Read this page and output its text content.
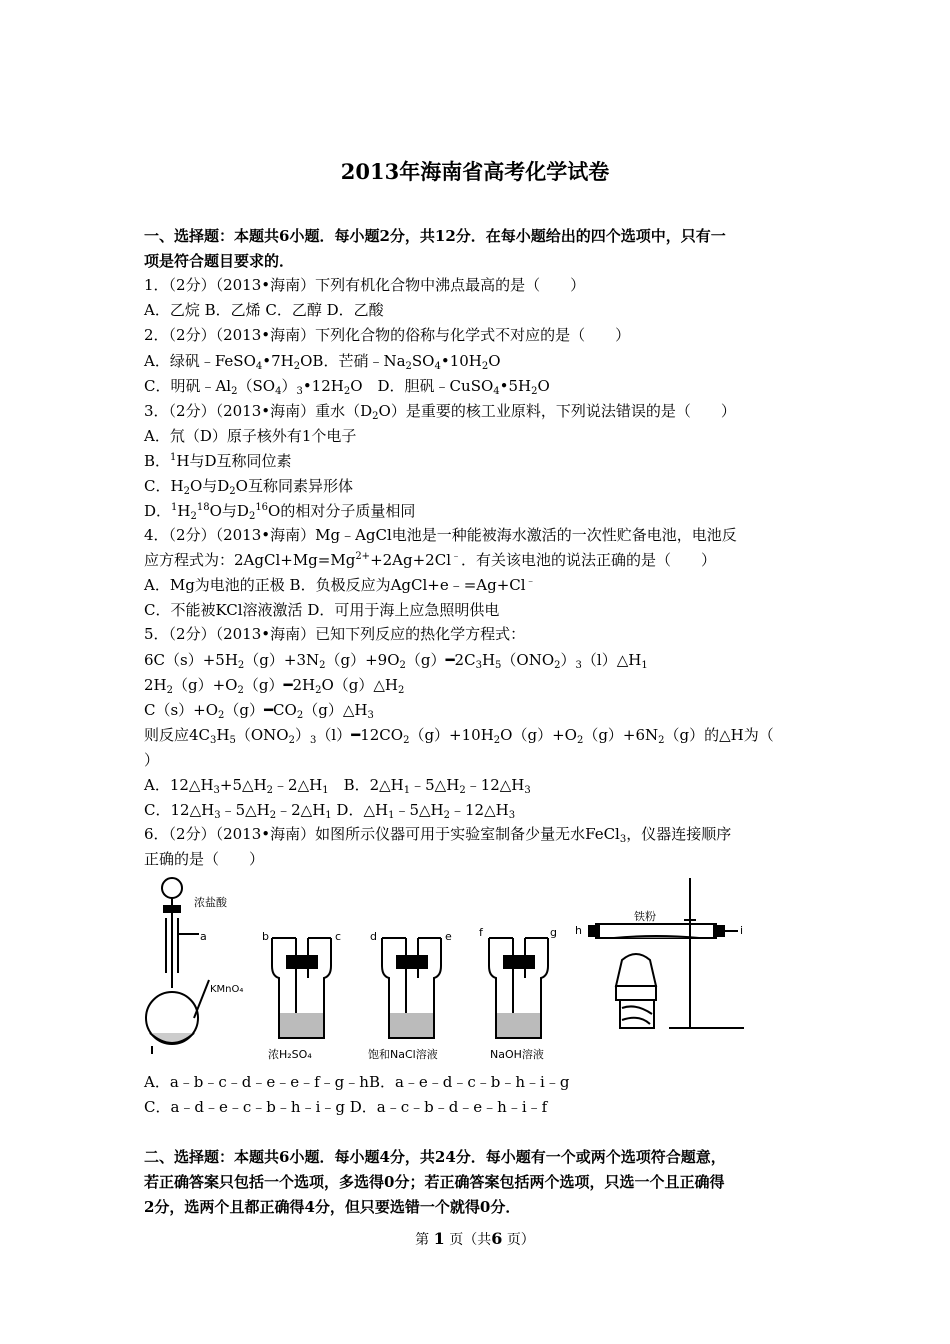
2013年海南省高考化学试卷
一、选择题：本题共6小题．每小题2分，共12分．在每小题给出的四个选项中，只有一
项是符合题目要求的．
1．（2分）（2013•海南）下列有机化合物中沸点最高的是（　　）
A．乙烷 B．乙烯 C．乙醇 D．乙酸
2．（2分）（2013•海南）下列化合物的俗称与化学式不对应的是（　　）
A．绿矾$﹣FeSO_4•7H_2OB$．芒硝$﹣Na_2SO_4•10H_2O$
C．明矾$﹣Al_2(SO_4)_3•12H_2O$　D．胆矾$﹣CuSO_4•5H_2O$
3．（2分）（2013•海南）重水$(D_2O)$是重要的核工业原料，下列说法错误的是（　　）
A．氘（D）原子核外有1个电子
B．$^1$H与D互称同位素
C．$H_2O$与$D_2O$互称同素异形体
D．$^1H_2^{18}O$与$D_2^{16}O$的相对分子质量相同
4．（2分）（2013•海南）Mg﹣AgCl电池是一种能被海水激活的一次性贮备电池，电池反
应方程式为：$2AgCl+Mg=Mg^{2+}+2Ag+2Cl^﹣$．有关该电池的说法正确的是（　　）
A．Mg为电池的正极 B．负极反应为AgCl+e﹣=Ag+Cl﹣
C．不能被KCl溶液激活 D．可用于海上应急照明供电
5．（2分）（2013•海南）已知下列反应的热化学方程式：
$6C(s)+5H_2(g)+3N_2(g)+9O_2(g)━2C_3H_5(ONO_2)_3(l)\triangle H_1$
$2H_2(g)+O_2(g)━2H_2O(g)\triangle H_2$
$C(s)+O_2(g)━CO_2(g)\triangle H_3$
则反应$4C_3H_5(ONO_2)_3(l)━12CO_2(g)+10H_2O(g)+O_2(g)+6N_2(g)$的△H为（
）
A．$12\triangle H_3+5\triangle H_2﹣2\triangle H_1$　B．$2\triangle H_1﹣5\triangle H_2﹣12\triangle H_3$
C．$12\triangle H_3﹣5\triangle H_2﹣2\triangle H_1$ D．$\triangle H_1﹣5\triangle H_2﹣12\triangle H_3$
6．（2分）（2013•海南）如图所示仪器可用于实验室制备少量无水FeCl$_3$，仪器连接顺序
正确的是（　　）
浓盐酸
a
KMnO₄
b	c
浓H₂SO₄
d	e
饱和NaCl溶液
f	g
NaOH溶液
h	i
铁粉
A．a﹣b﹣c﹣d﹣e﹣e﹣f﹣g﹣hB．a﹣e﹣d﹣c﹣b﹣h﹣i﹣g
C．a﹣d﹣e﹣c﹣b﹣h﹣i﹣g D．a﹣c﹣b﹣d﹣e﹣h﹣i﹣f
二、选择题：本题共6小题．每小题4分，共24分．每小题有一个或两个选项符合题意，
若正确答案只包括一个选项，多选得0分；若正确答案包括两个选项，只选一个且正确得
2分，选两个且都正确得4分，但只要选错一个就得0分．
第 1 页（共6 页）
